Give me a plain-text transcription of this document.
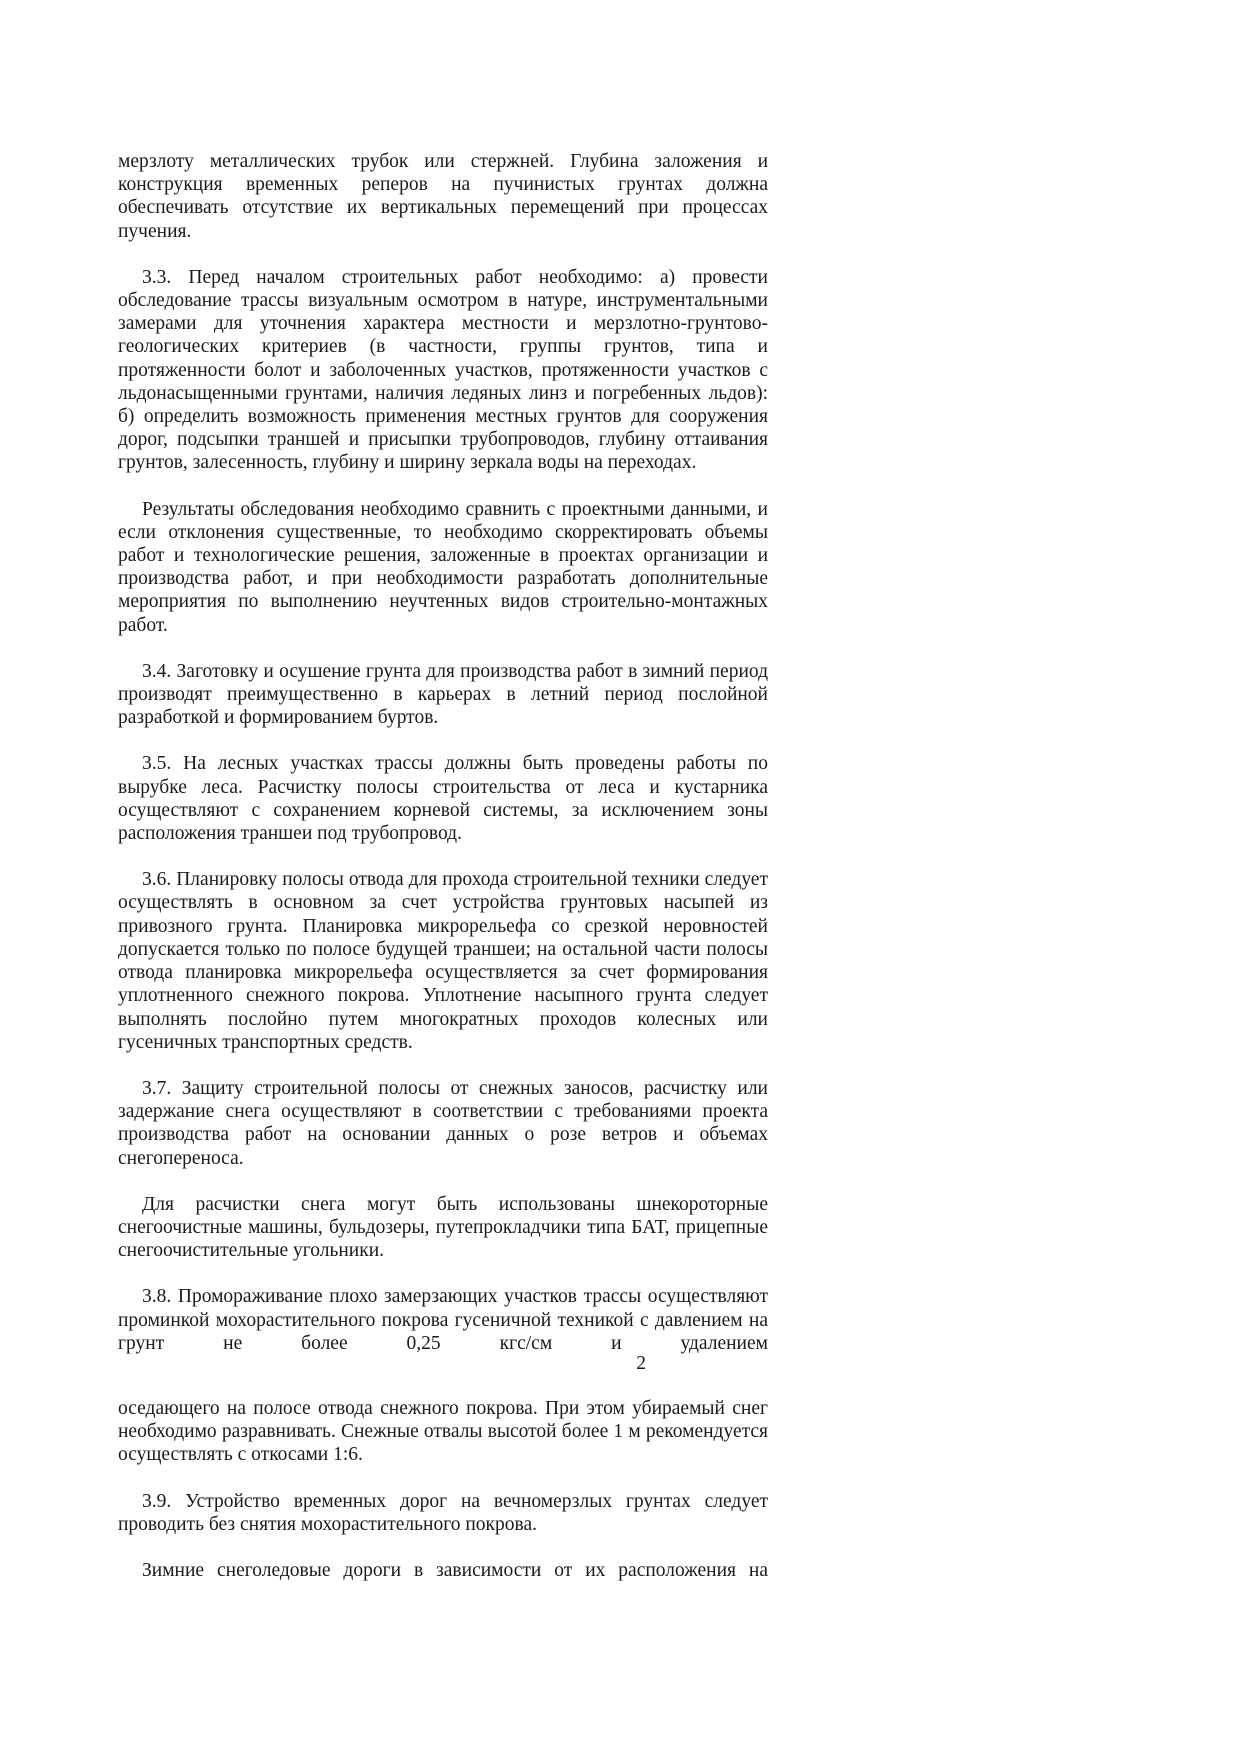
мерзлоту металлических трубок или стержней. Глубина заложения и конструкция временных реперов на пучинистых грунтах должна обеспечивать отсутствие их вертикальных перемещений при процессах пучения.

3.3. Перед началом строительных работ необходимо: а) провести обследование трассы визуальным осмотром в натуре, инструментальными замерами для уточнения характера местности и мерзлотно-грунтово-геологических критериев (в частности, группы грунтов, типа и протяженности болот и заболоченных участков, протяженности участков с льдонасыщенными грунтами, наличия ледяных линз и погребенных льдов): б) определить возможность применения местных грунтов для сооружения дорог, подсыпки траншей и присыпки трубопроводов, глубину оттаивания грунтов, залесенность, глубину и ширину зеркала воды на переходах.

Результаты обследования необходимо сравнить с проектными данными, и если отклонения существенные, то необходимо скорректировать объемы работ и технологические решения, заложенные в проектах организации и производства работ, и при необходимости разработать дополнительные мероприятия по выполнению неучтенных видов строительно-монтажных работ.

3.4. Заготовку и осушение грунта для производства работ в зимний период производят преимущественно в карьерах в летний период послойной разработкой и формированием буртов.

3.5. На лесных участках трассы должны быть проведены работы по вырубке леса. Расчистку полосы строительства от леса и кустарника осуществляют с сохранением корневой системы, за исключением зоны расположения траншеи под трубопровод.

3.6. Планировку полосы отвода для прохода строительной техники следует осуществлять в основном за счет устройства грунтовых насыпей из привозного грунта. Планировка микрорельефа со срезкой неровностей допускается только по полосе будущей траншеи; на остальной части полосы отвода планировка микрорельефа осуществляется за счет формирования уплотненного снежного покрова. Уплотнение насыпного грунта следует выполнять послойно путем многократных проходов колесных или гусеничных транспортных средств.

3.7. Защиту строительной полосы от снежных заносов, расчистку или задержание снега осуществляют в соответствии с требованиями проекта производства работ на основании данных о розе ветров и объемах снегопереноса.

Для расчистки снега могут быть использованы шнекороторные снегоочистные машины, бульдозеры, путепрокладчики типа БАТ, прицепные снегоочистительные угольники.

3.8. Промораживание плохо замерзающих участков трассы осуществляют проминкой мохорастительного покрова гусеничной техникой с давлением на грунт не более 0,25 кгс/см и удалением
2

оседающего на полосе отвода снежного покрова. При этом убираемый снег необходимо разравнивать. Снежные отвалы высотой более 1 м рекомендуется осуществлять с откосами 1:6.

3.9. Устройство временных дорог на вечномерзлых грунтах следует проводить без снятия мохорастительного покрова.

Зимние снеголедовые дороги в зависимости от их расположения на
